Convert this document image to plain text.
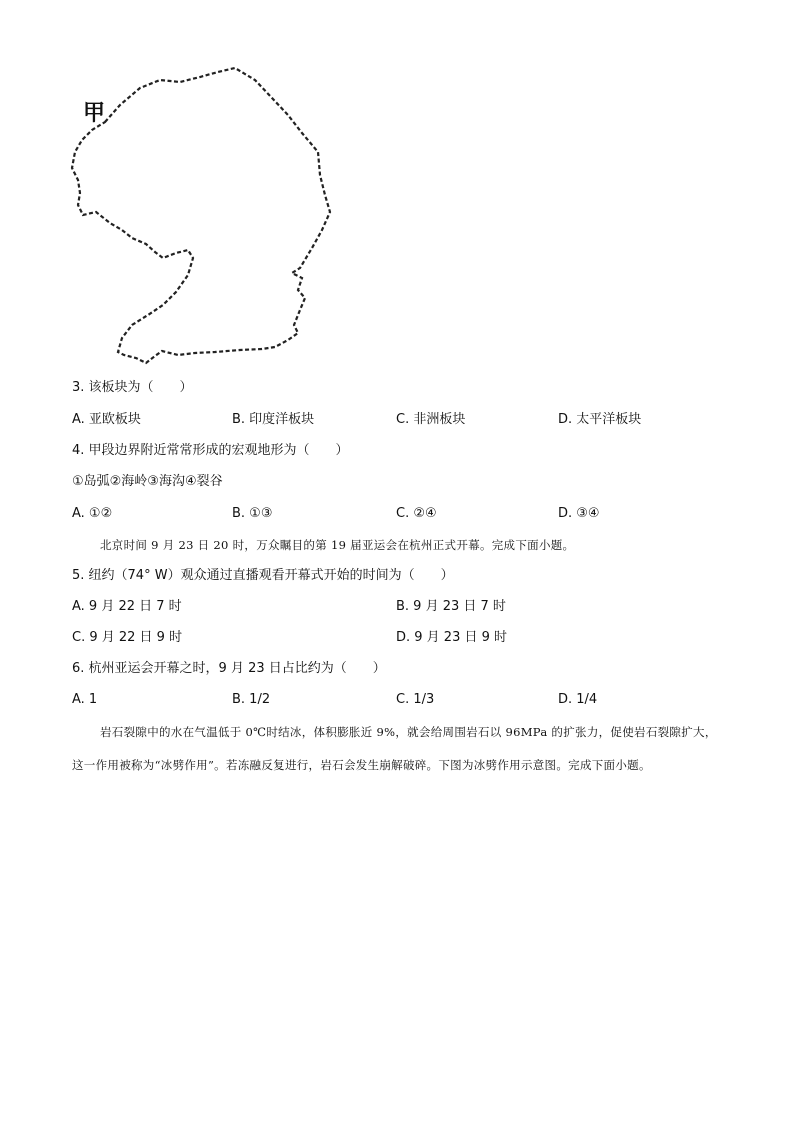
甲
3. 该板块为（　　）
A. 亚欧板块	B. 印度洋板块	C. 非洲板块	D. 太平洋板块
4. 甲段边界附近常常形成的宏观地形为（　　）
①岛弧②海岭③海沟④裂谷
A. ①②	B. ①③	C. ②④	D. ③④
北京时间 9 月 23 日 20 时，万众瞩目的第 19 届亚运会在杭州正式开幕。完成下面小题。
5. 纽约（74° W）观众通过直播观看开幕式开始的时间为（　　）
A. 9 月 22 日 7 时	B. 9 月 23 日 7 时
C. 9 月 22 日 9 时	D. 9 月 23 日 9 时
6. 杭州亚运会开幕之时，9 月 23 日占比约为（　　）
A. 1	B. 1/2	C. 1/3	D. 1/4
岩石裂隙中的水在气温低于 0℃时结冰，体积膨胀近 9%，就会给周围岩石以 96MPa 的扩张力，促使岩石裂隙扩大，这一作用被称为“冰劈作用”。若冻融反复进行，岩石会发生崩解破碎。下图为冰劈作用示意图。完成下面小题。
